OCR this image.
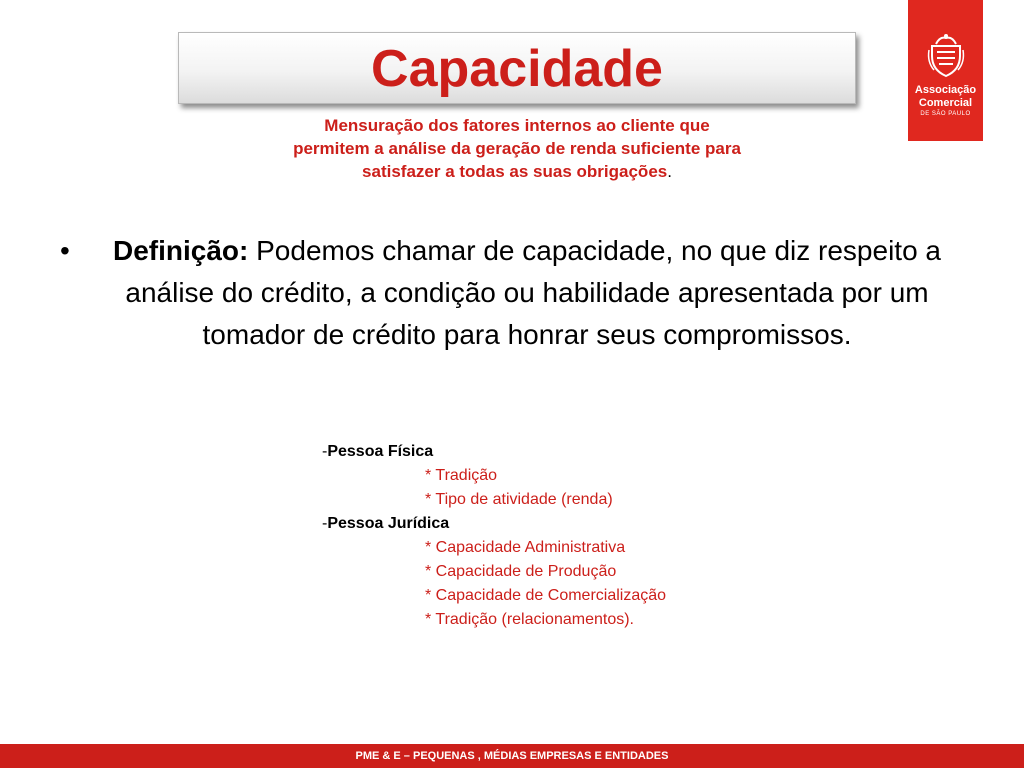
Capacidade
Mensuração dos fatores internos ao cliente que permitem a análise da geração de renda suficiente para satisfazer a todas as suas obrigações.
Associação
Comercial
DE SÃO PAULO
•	Definição: Podemos chamar de capacidade, no que diz respeito a análise do crédito, a condição ou habilidade apresentada por um tomador de crédito para honrar seus compromissos.
-Pessoa Física
* Tradição
* Tipo de atividade (renda)
-Pessoa Jurídica
* Capacidade Administrativa
* Capacidade de Produção
* Capacidade de Comercialização
* Tradição (relacionamentos).
PME & E – PEQUENAS , MÉDIAS EMPRESAS E ENTIDADES
